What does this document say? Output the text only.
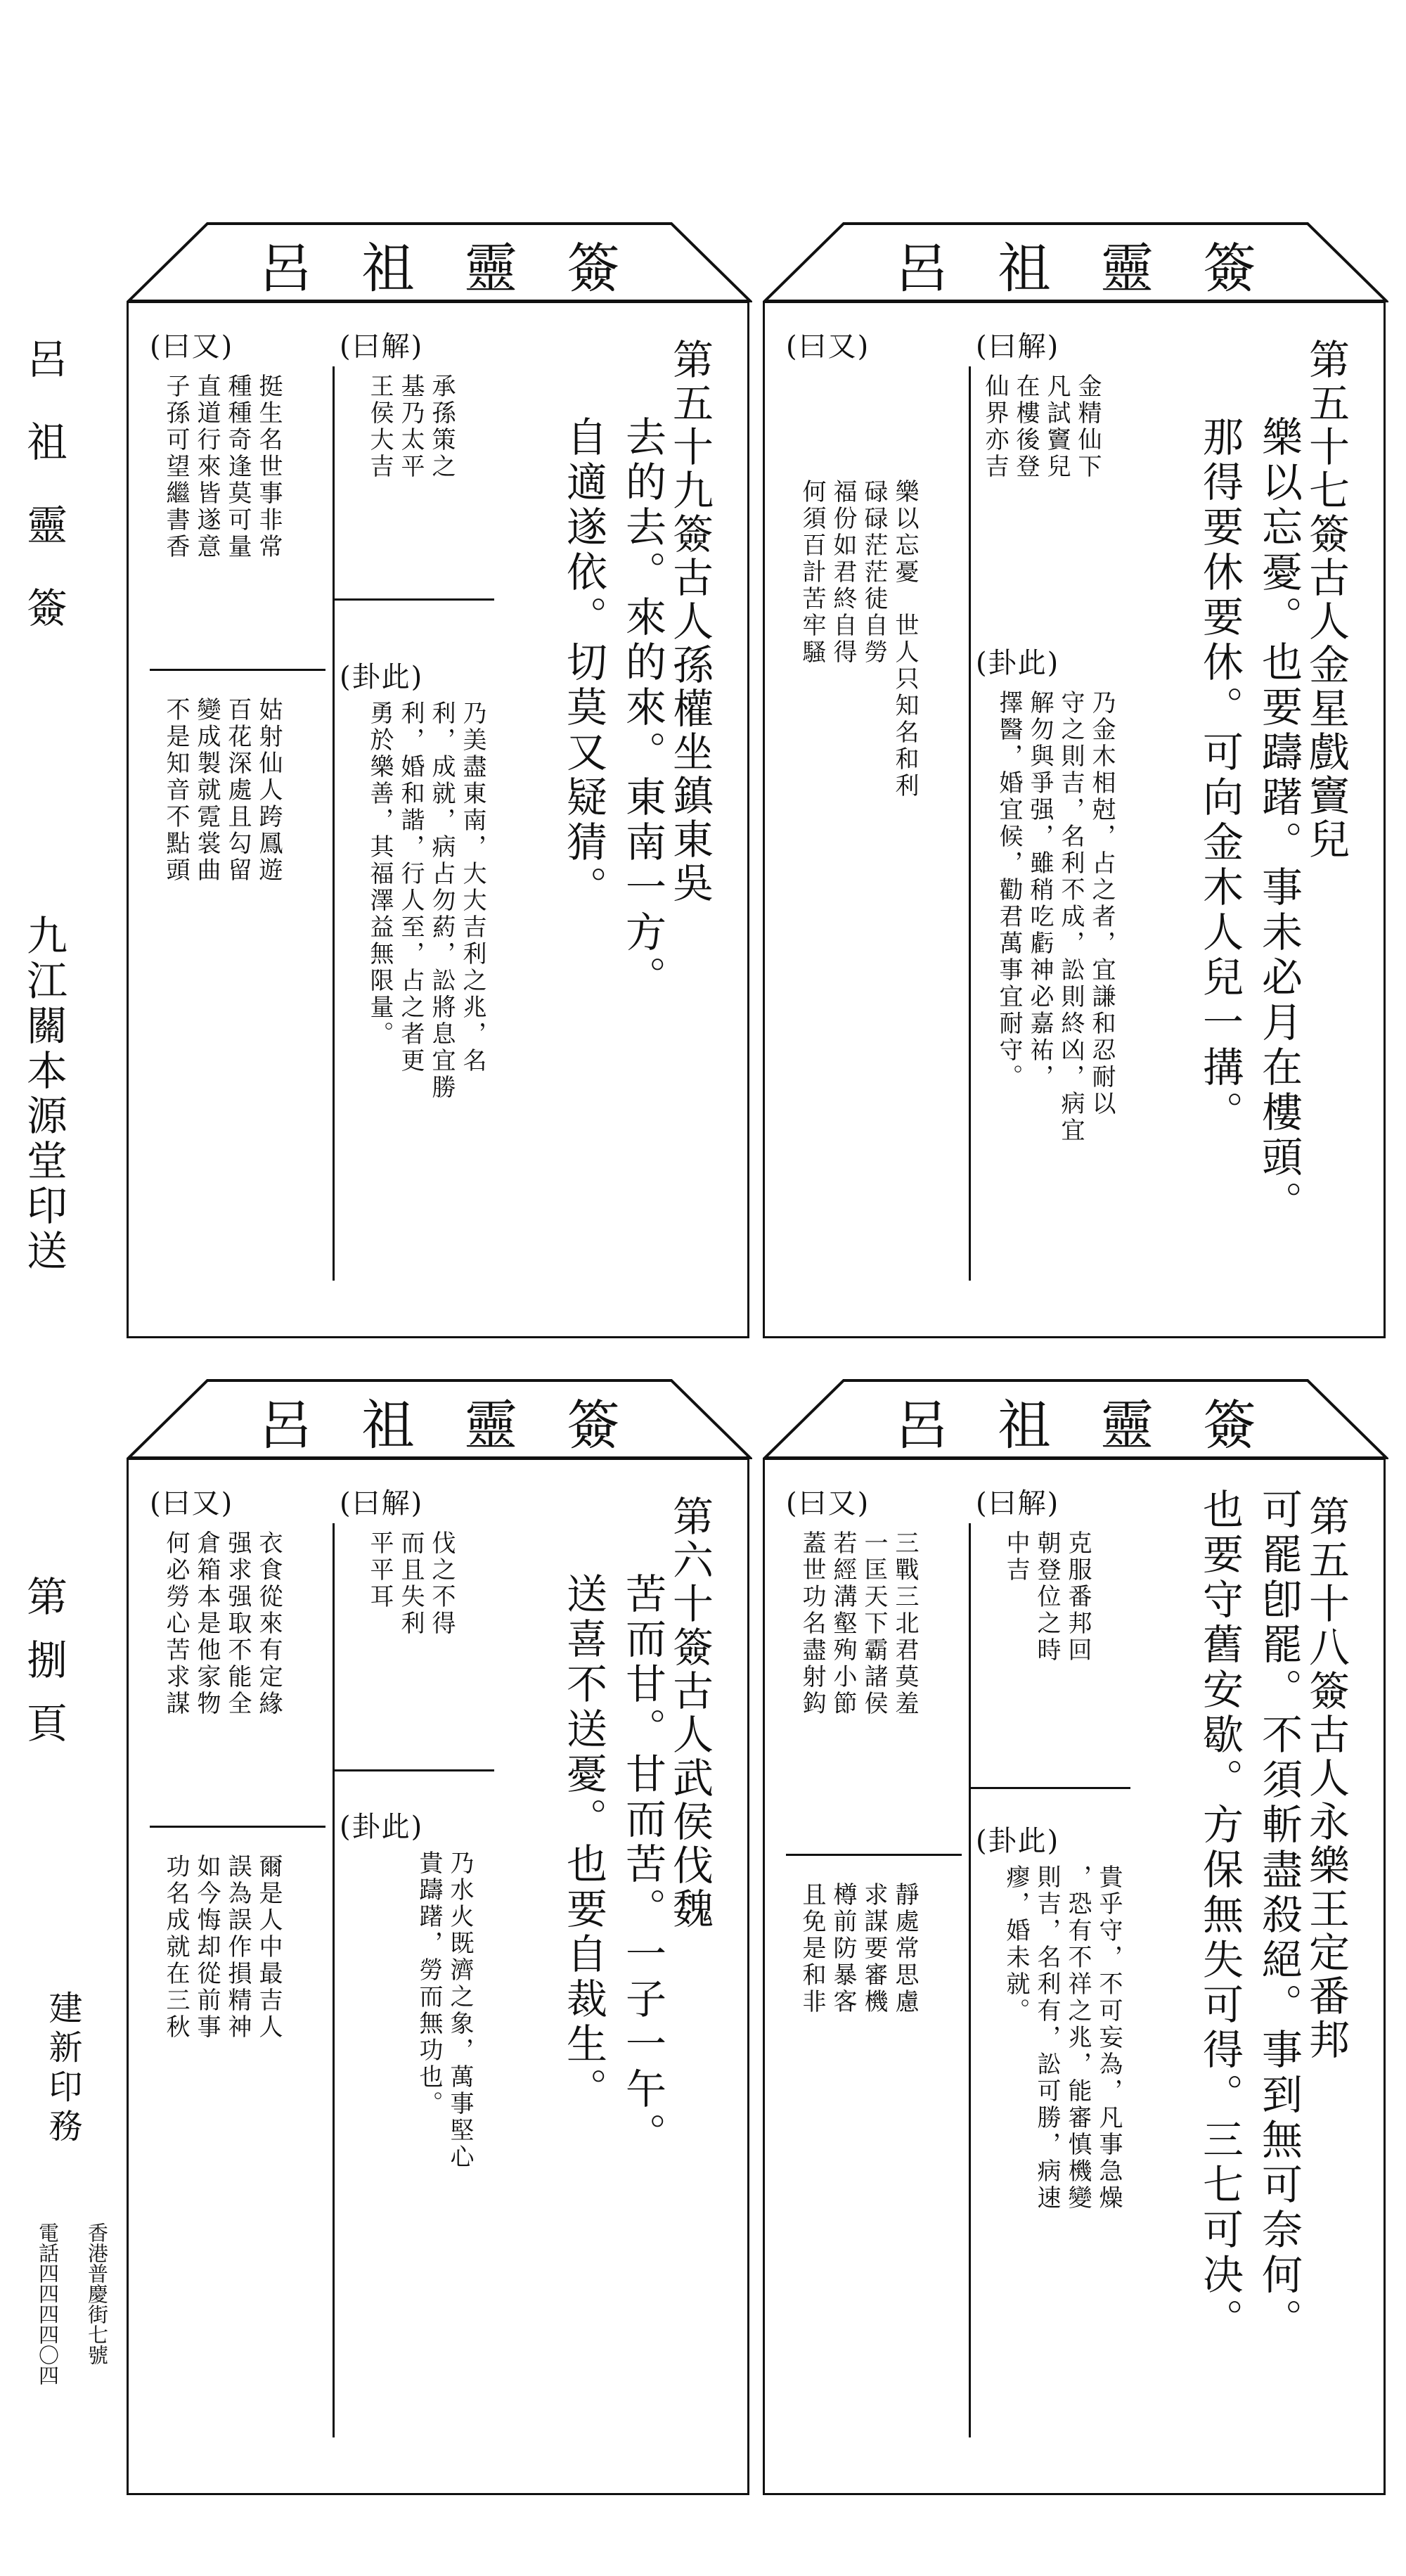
呂祖靈簽
九江關本源堂印送
第捌頁
建新印務
香港普慶街七號
電話四四四四〇四
呂祖靈簽
第五十七簽古人金星戲竇兒
樂以忘憂。也要躊躇。事未必月在樓頭。
那得要休要休。可向金木人兒一搆。
(曰解)
金精仙下
凡試竇兒
在樓後登
仙界亦吉
(卦此)
乃金木相尅，占之者，宜謙和忍耐以
守之則吉，名利不成，訟則終凶，病宜
解勿與爭强，雖稍吃虧神必嘉祐，
擇醫，婚宜候，勸君萬事宜耐守。
(曰又)
樂以忘憂　世人只知名和利
碌碌茫茫徒自勞
福份如君終自得
何須百計苦牢騷
呂祖靈簽
第五十九簽古人孫權坐鎮東吳
去的去。來的來。東南一方。
自適遂依。切莫又疑猜。
(曰解)
承孫策之
基乃太平
王侯大吉
(卦此)
乃美盡東南，大大吉利之兆，名
利，成就，病占勿葯，訟將息宜勝
利，婚和諧，行人至，占之者更
勇於樂善，其福澤益無限量。
(曰又)
挺生名世事非常
種種奇逢莫可量
直道行來皆遂意
子孫可望繼書香
姑射仙人跨鳳遊
百花深處且勾留
變成製就霓裳曲
不是知音不點頭
呂祖靈簽
第五十八簽古人永樂王定番邦
可罷卽罷。不須斬盡殺絕。事到無可奈何。
也要守舊安歇。方保無失可得。三七可决。
(曰解)
克服番邦回
朝登位之時
中吉
(卦此)
貴乎守，不可妄為，凡事急燥
，恐有不祥之兆，能審慎機變
則吉，名利有，訟可勝，病速
瘳，婚未就。
(曰又)
三戰三北君莫羞
一匡天下霸諸侯
若經溝壑殉小節
蓋世功名盡射鈎
靜處常思慮
求謀要審機
樽前防暴客
且免是和非
呂祖靈簽
第六十簽古人武侯伐魏
苦而甘。甘而苦。一子一午。
送喜不送憂。也要自裁生。
(曰解)
伐之不得
而且失利
平平耳
(卦此)
乃水火既濟之象，萬事堅心
貴躊躇，勞而無功也。
(曰又)
衣食從來有定緣
强求强取不能全
倉箱本是他家物
何必勞心苦求謀
爾是人中最吉人
誤為誤作損精神
如今悔却從前事
功名成就在三秋
